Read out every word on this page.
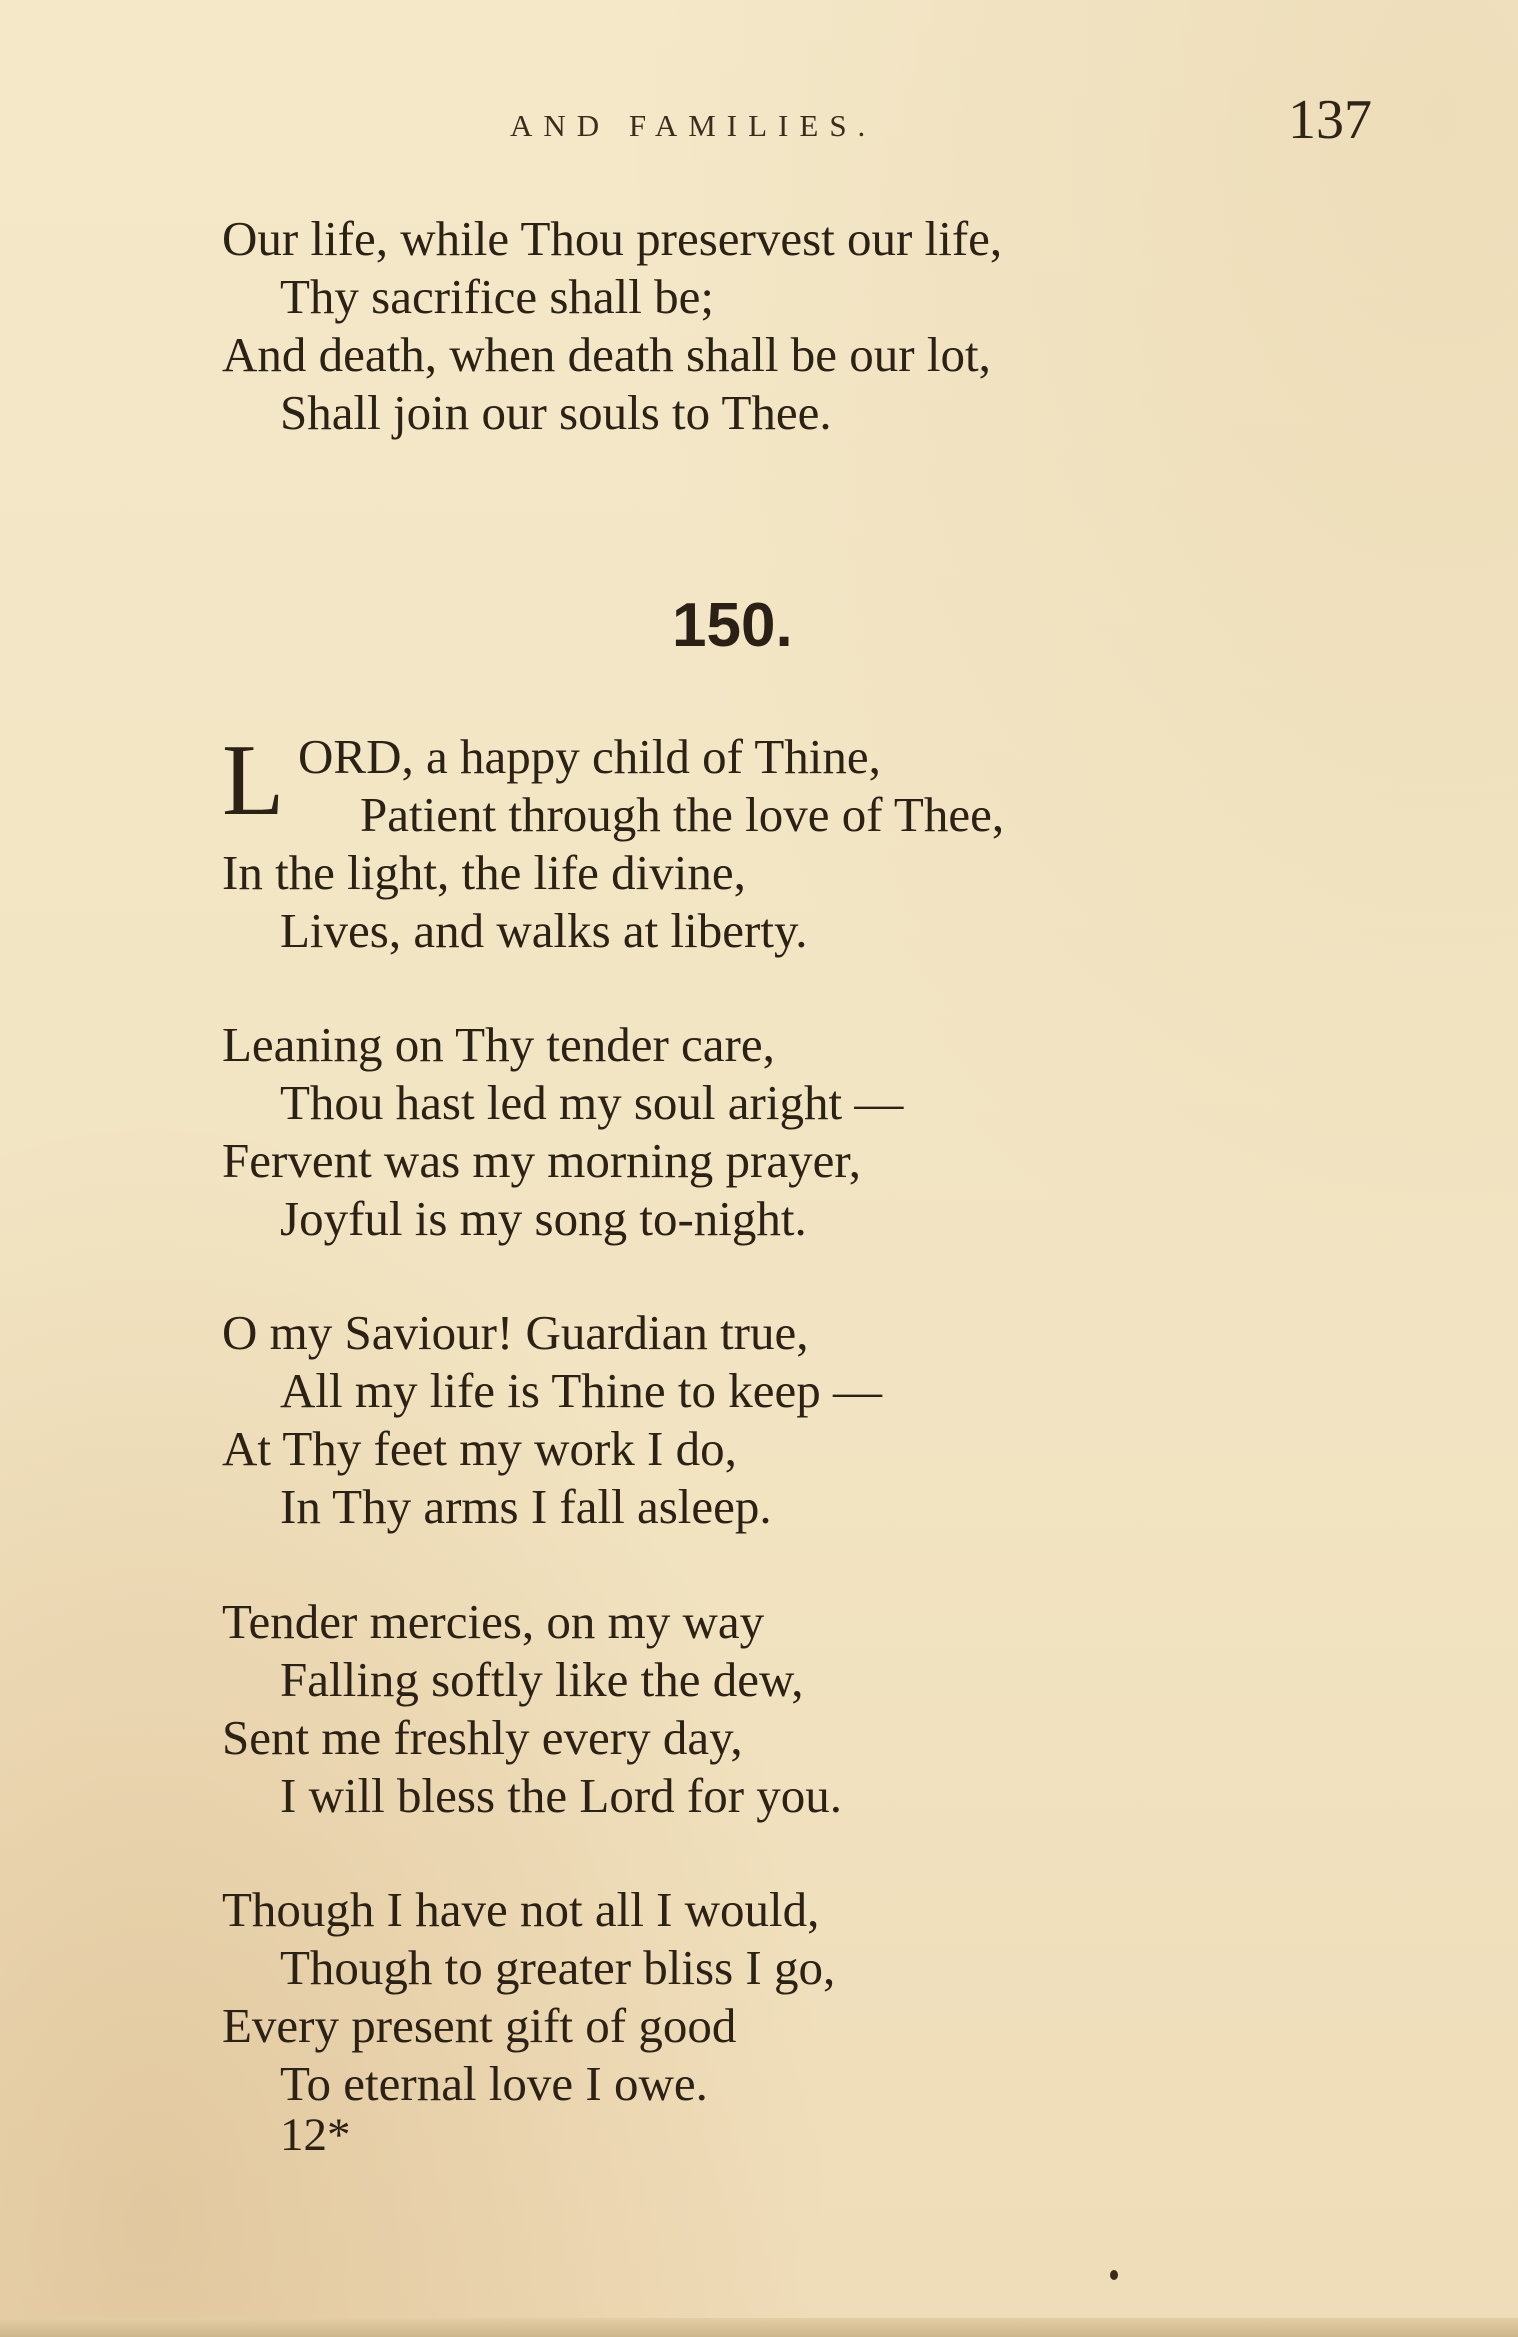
AND FAMILIES.	137
Our life, while Thou preservest our life,
Thy sacrifice shall be;
And death, when death shall be our lot,
Shall join our souls to Thee.
150.
L ORD, a happy child of Thine,
Patient through the love of Thee,
In the light, the life divine,
Lives, and walks at liberty.
Leaning on Thy tender care,
Thou hast led my soul aright —
Fervent was my morning prayer,
Joyful is my song to-night.
O my Saviour! Guardian true,
All my life is Thine to keep —
At Thy feet my work I do,
In Thy arms I fall asleep.
Tender mercies, on my way
Falling softly like the dew,
Sent me freshly every day,
I will bless the Lord for you.
Though I have not all I would,
Though to greater bliss I go,
Every present gift of good
To eternal love I owe.
12*
